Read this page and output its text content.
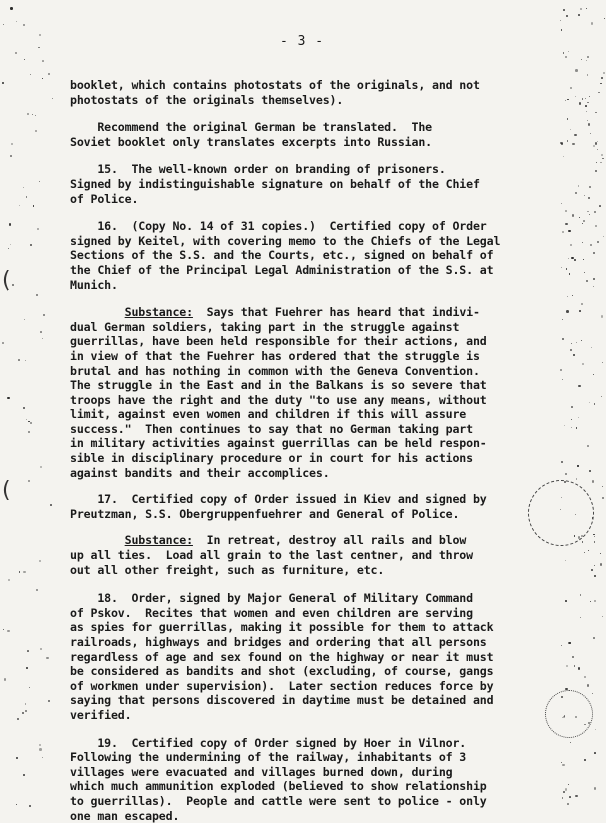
- 3 -
booklet, which contains photostats of the originals, and not
photostats of the originals themselves).
Recommend the original German be translated.  The
Soviet booklet only translates excerpts into Russian.
15.  The well-known order on branding of prisoners.
Signed by indistinguishable signature on behalf of the Chief
of Police.
16.  (Copy No. 14 of 31 copies.)  Certified copy of Order
signed by Keitel, with covering memo to the Chiefs of the Legal
Sections of the S.S. and the Courts, etc., signed on behalf of
the Chief of the Principal Legal Administration of the S.S. at
Munich.
Substance:  Says that Fuehrer has heard that indivi-
dual German soldiers, taking part in the struggle against
guerrillas, have been held responsible for their actions, and
in view of that the Fuehrer has ordered that the struggle is
brutal and has nothing in common with the Geneva Convention.
The struggle in the East and in the Balkans is so severe that
troops have the right and the duty "to use any means, without
limit, against even women and children if this will assure
success."  Then continues to say that no German taking part
in military activities against guerrillas can be held respon-
sible in disciplinary procedure or in court for his actions
against bandits and their accomplices.
17.  Certified copy of Order issued in Kiev and signed by
Preutzman, S.S. Obergruppenfuehrer and General of Police.
Substance:  In retreat, destroy all rails and blow
up all ties.  Load all grain to the last centner, and throw
out all other freight, such as furniture, etc.
18.  Order, signed by Major General of Military Command
of Pskov.  Recites that women and even children are serving
as spies for guerrillas, making it possible for them to attack
railroads, highways and bridges and ordering that all persons
regardless of age and sex found on the highway or near it must
be considered as bandits and shot (excluding, of course, gangs
of workmen under supervision).  Later section reduces force by
saying that persons discovered in daytime must be detained and
verified.
19.  Certified copy of Order signed by Hoer in Vilnor.
Following the undermining of the railway, inhabitants of 3
villages were evacuated and villages burned down, during
which much ammunition exploded (believed to show relationship
to guerrillas).  People and cattle were sent to police - only
one man escaped.
(
(
